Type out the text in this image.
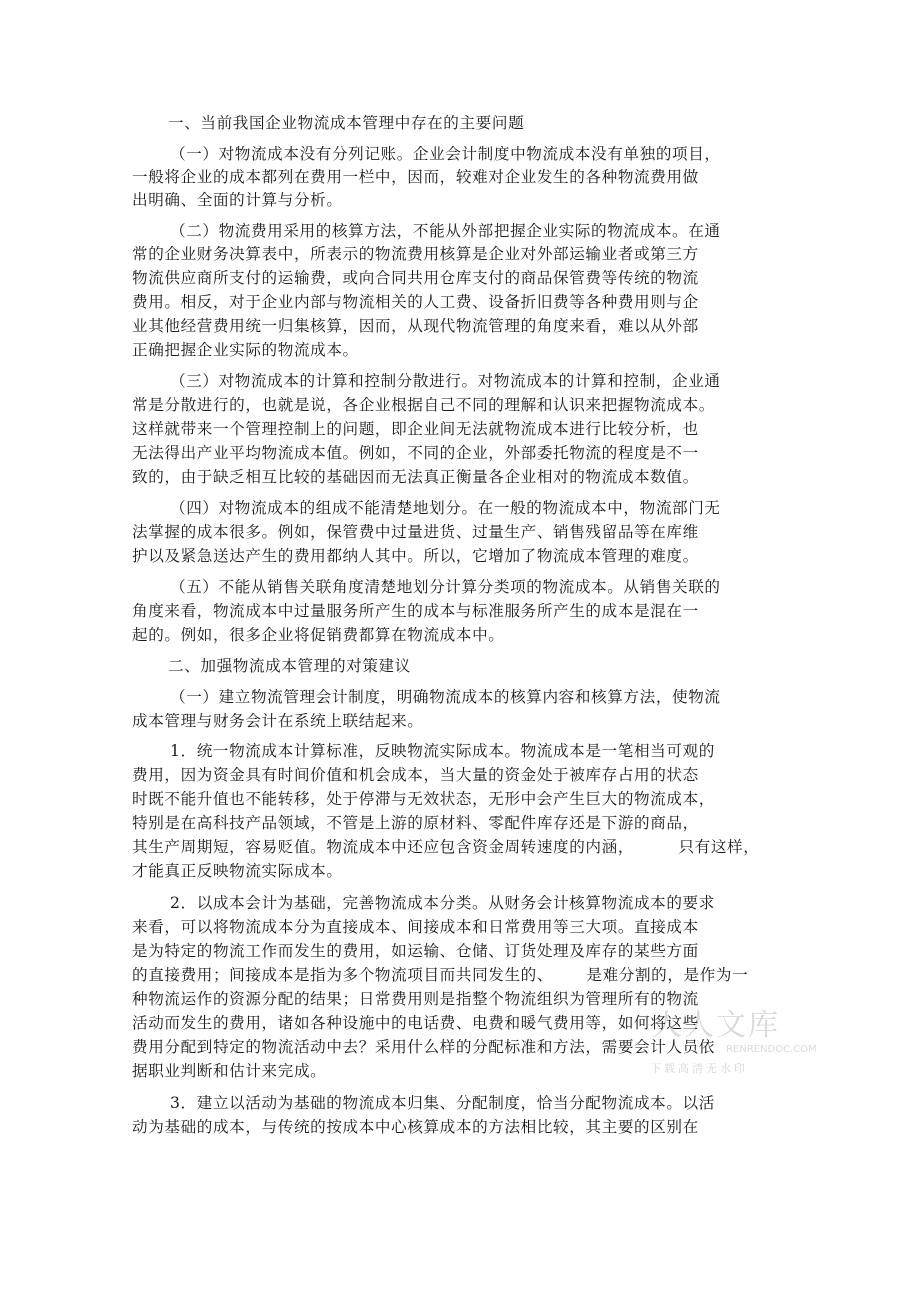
一、当前我国企业物流成本管理中存在的主要问题
（一）对物流成本没有分列记账。企业会计制度中物流成本没有单独的项目，
一般将企业的成本都列在费用一栏中，因而，较难对企业发生的各种物流费用做
出明确、全面的计算与分析。
（二）物流费用采用的核算方法，不能从外部把握企业实际的物流成本。在通
常的企业财务决算表中，所表示的物流费用核算是企业对外部运输业者或第三方
物流供应商所支付的运输费，或向合同共用仓库支付的商品保管费等传统的物流
费用。相反，对于企业内部与物流相关的人工费、设备折旧费等各种费用则与企
业其他经营费用统一归集核算，因而，从现代物流管理的角度来看，难以从外部
正确把握企业实际的物流成本。
（三）对物流成本的计算和控制分散进行。对物流成本的计算和控制，企业通
常是分散进行的，也就是说，各企业根据自己不同的理解和认识来把握物流成本。
这样就带来一个管理控制上的问题，即企业间无法就物流成本进行比较分析，也
无法得出产业平均物流成本值。例如，不同的企业，外部委托物流的程度是不一
致的，由于缺乏相互比较的基础因而无法真正衡量各企业相对的物流成本数值。
（四）对物流成本的组成不能清楚地划分。在一般的物流成本中，物流部门无
法掌握的成本很多。例如，保管费中过量进货、过量生产、销售残留品等在库维
护以及紧急送达产生的费用都纳人其中。所以，它增加了物流成本管理的难度。
（五）不能从销售关联角度清楚地划分计算分类项的物流成本。从销售关联的
角度来看，物流成本中过量服务所产生的成本与标准服务所产生的成本是混在一
起的。例如，很多企业将促销费都算在物流成本中。
二、加强物流成本管理的对策建议
（一）建立物流管理会计制度，明确物流成本的核算内容和核算方法，使物流
成本管理与财务会计在系统上联结起来。
1．统一物流成本计算标准，反映物流实际成本。物流成本是一笔相当可观的
费用，因为资金具有时间价值和机会成本，当大量的资金处于被库存占用的状态
时既不能升值也不能转移，处于停滞与无效状态，无形中会产生巨大的物流成本，
特别是在高科技产品领域，不管是上游的原材料、零配件库存还是下游的商品，
其生产周期短，容易贬值。物流成本中还应包含资金周转速度的内涵，        只有这样，
才能真正反映物流实际成本。
2．以成本会计为基础，完善物流成本分类。从财务会计核算物流成本的要求
来看，可以将物流成本分为直接成本、间接成本和日常费用等三大项。直接成本
是为特定的物流工作而发生的费用，如运输、仓储、订货处理及库存的某些方面
的直接费用；间接成本是指为多个物流项目而共同发生的、      是难分割的，是作为一
种物流运作的资源分配的结果；日常费用则是指整个物流组织为管理所有的物流
活动而发生的费用，诸如各种设施中的电话费、电费和暖气费用等，如何将这些
费用分配到特定的物流活动中去？采用什么样的分配标准和方法，需要会计人员依
据职业判断和估计来完成。
3．建立以活动为基础的物流成本归集、分配制度，恰当分配物流成本。以活
动为基础的成本，与传统的按成本中心核算成本的方法相比较，其主要的区别在
人人文库
RENRENDOC.COM
下载高清无水印
